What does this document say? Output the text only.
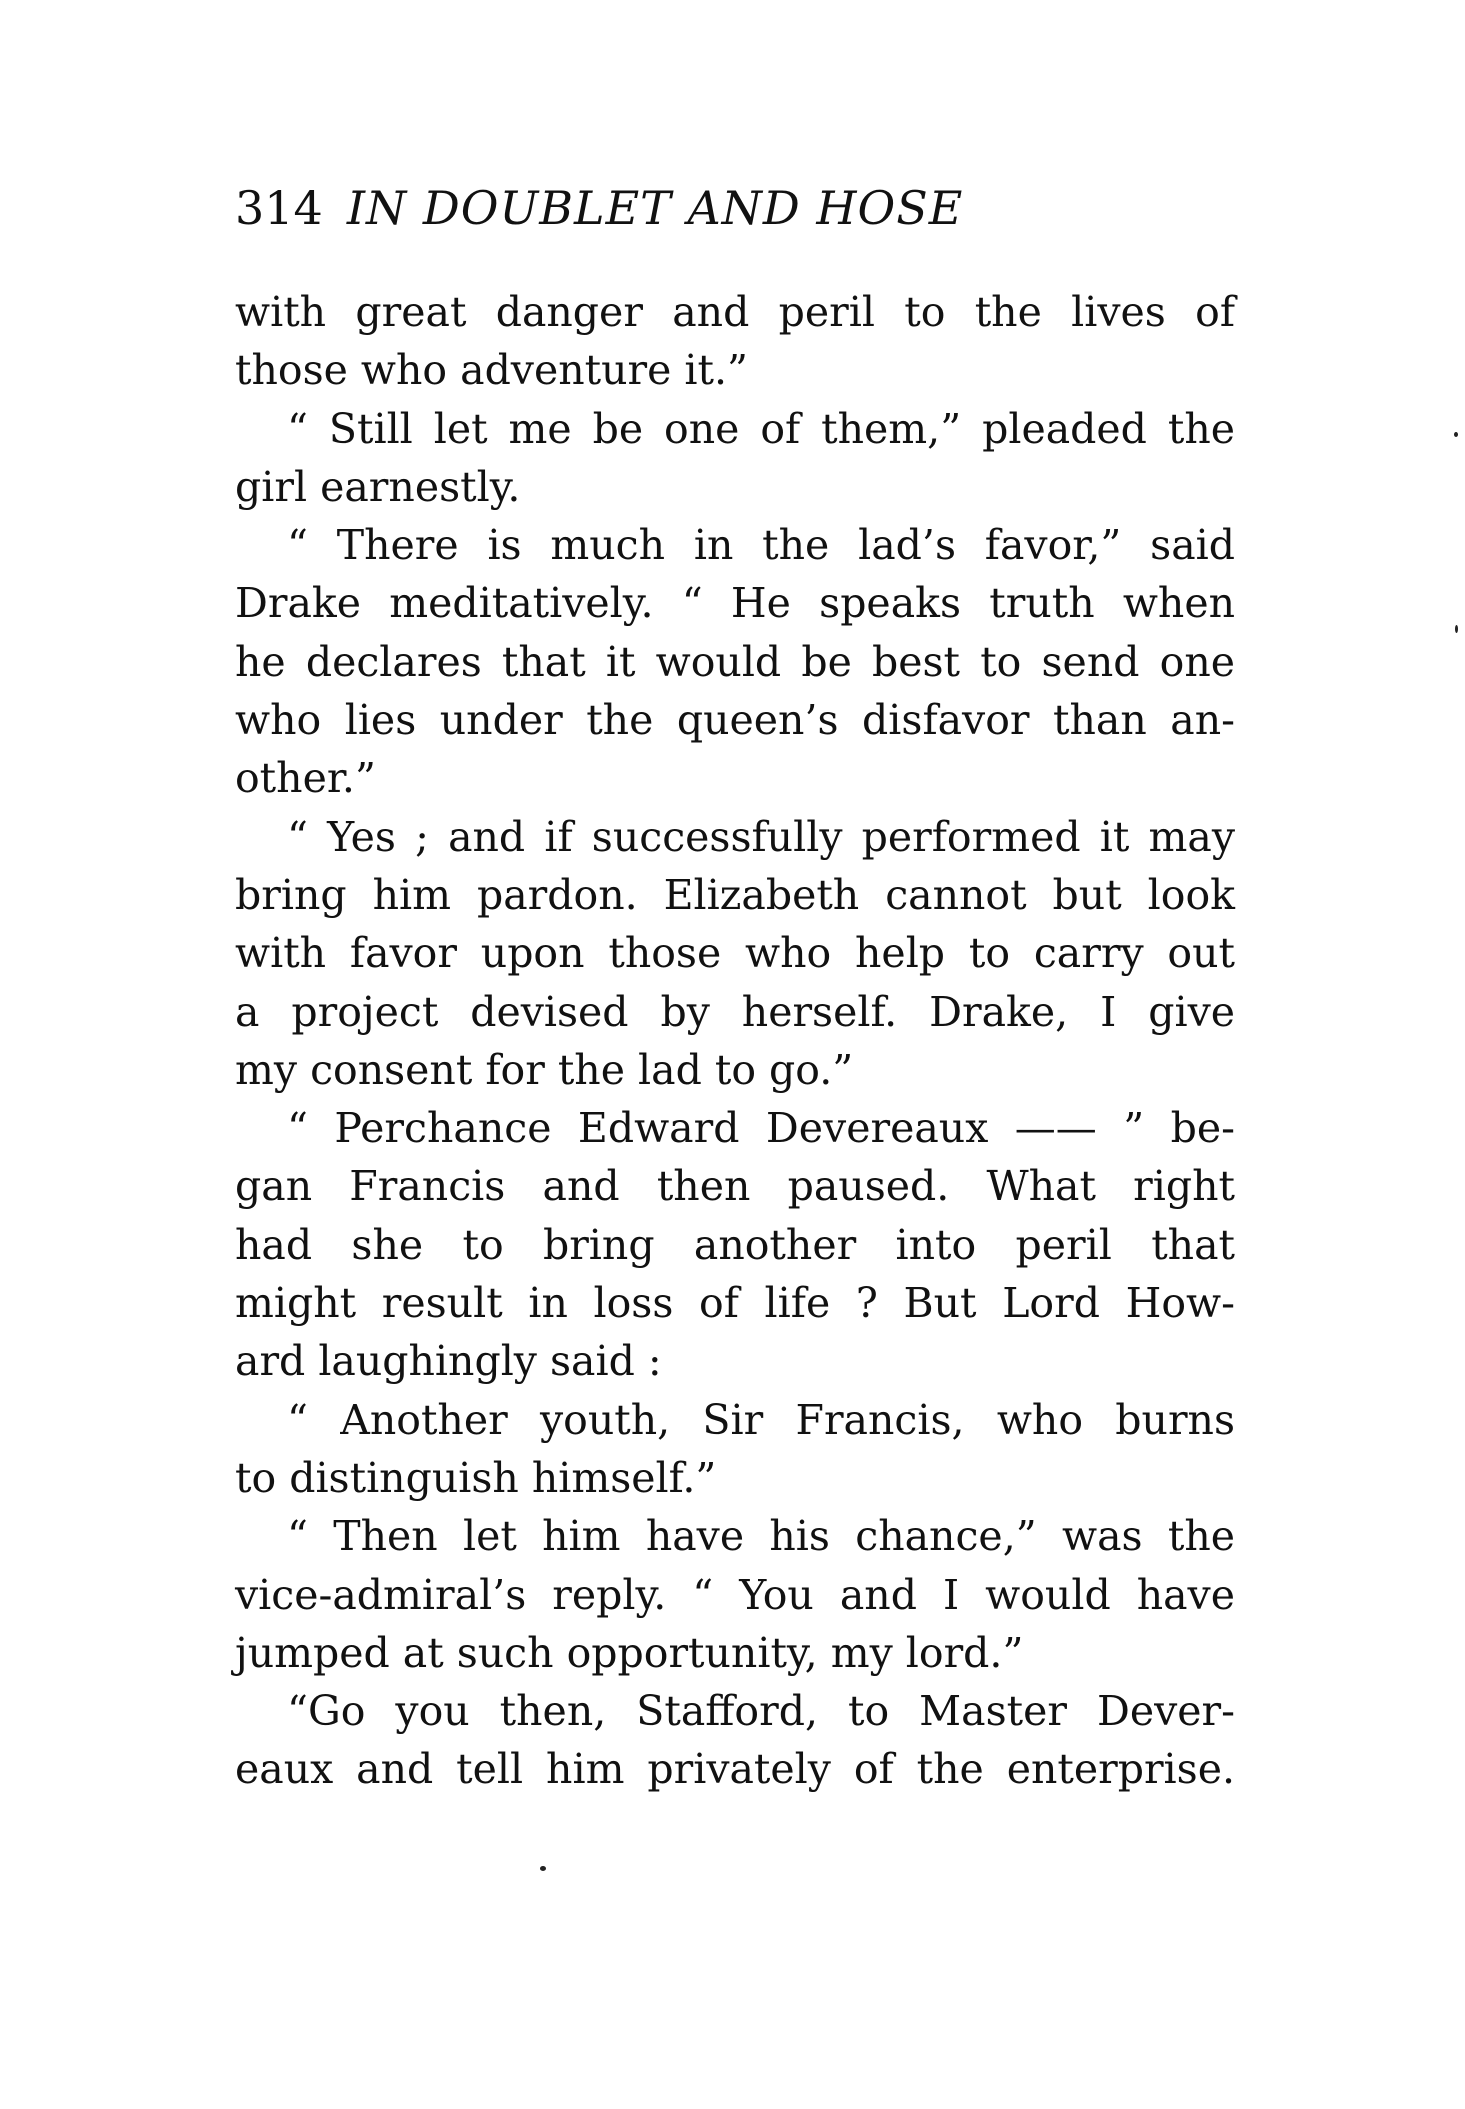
314 IN DOUBLET AND HOSE
with great danger and peril to the lives of
those who adventure it.”
“ Still let me be one of them,” pleaded the
girl earnestly.
“ There is much in the lad’s favor,” said
Drake meditatively. “ He speaks truth when
he declares that it would be best to send one
who lies under the queen’s disfavor than an-
other.”
“ Yes ; and if successfully performed it may
bring him pardon. Elizabeth cannot but look
with favor upon those who help to carry out
a project devised by herself. Drake, I give
my consent for the lad to go.”
“ Perchance Edward Devereaux —— ” be-
gan Francis and then paused. What right
had she to bring another into peril that
might result in loss of life ? But Lord How-
ard laughingly said :
“ Another youth, Sir Francis, who burns
to distinguish himself.”
“ Then let him have his chance,” was the
vice-admiral’s reply. “ You and I would have
jumped at such opportunity, my lord.”
“Go you then, Stafford, to Master Dever-
eaux and tell him privately of the enterprise.
